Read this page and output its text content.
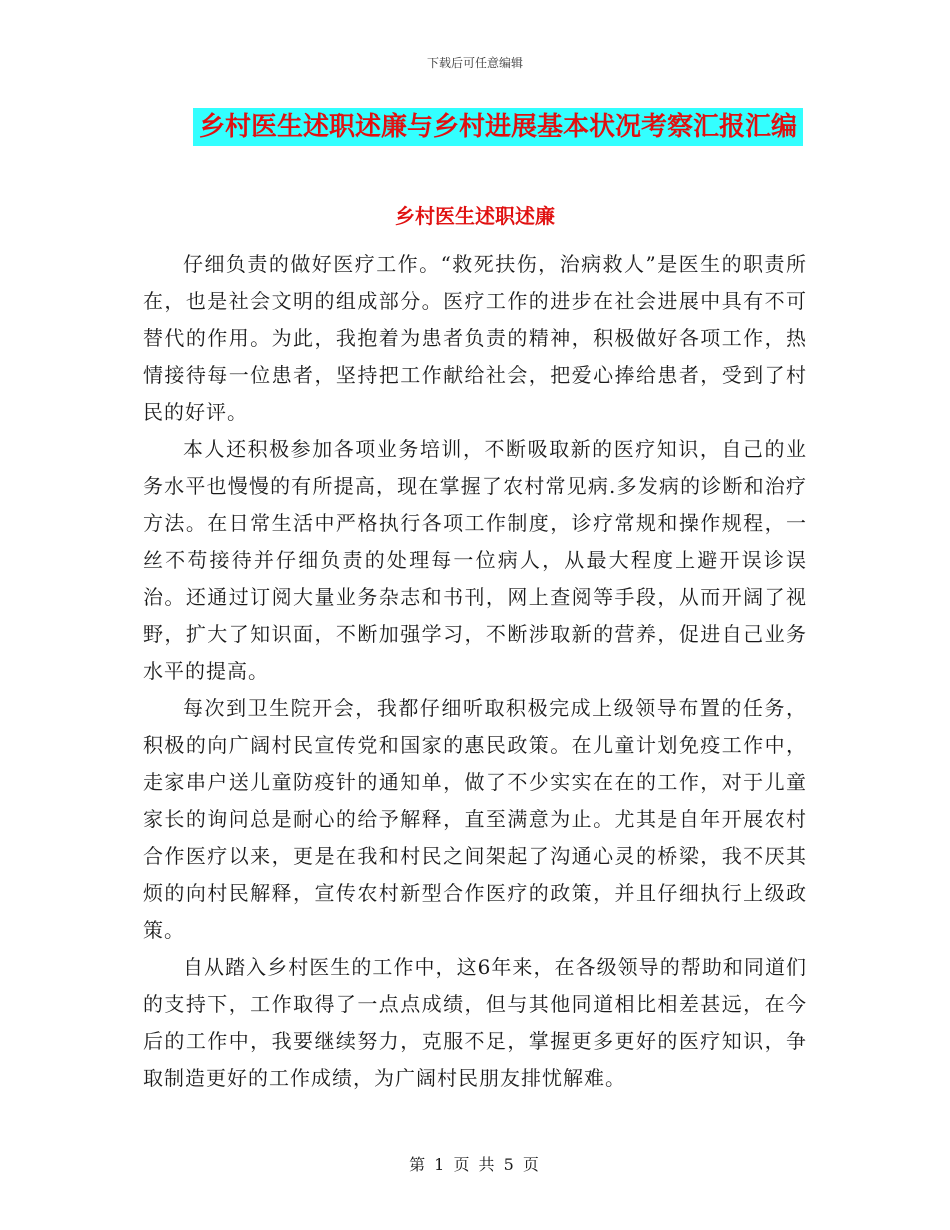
下载后可任意编辑
乡村医生述职述廉与乡村进展基本状况考察汇报汇编
乡村医生述职述廉

仔细负责的做好医疗工作。“救死扶伤，治病救人”是医生的职责所在，也是社会文明的组成部分。医疗工作的进步在社会进展中具有不可替代的作用。为此，我抱着为患者负责的精神，积极做好各项工作，热情接待每一位患者，坚持把工作献给社会，把爱心捧给患者，受到了村民的好评。

本人还积极参加各项业务培训，不断吸取新的医疗知识，自己的业务水平也慢慢的有所提高，现在掌握了农村常见病.多发病的诊断和治疗方法。在日常生活中严格执行各项工作制度，诊疗常规和操作规程，一丝不苟接待并仔细负责的处理每一位病人，从最大程度上避开误诊误治。还通过订阅大量业务杂志和书刊，网上查阅等手段，从而开阔了视野，扩大了知识面，不断加强学习，不断涉取新的营养，促进自己业务水平的提高。

每次到卫生院开会，我都仔细听取积极完成上级领导布置的任务，积极的向广阔村民宣传党和国家的惠民政策。在儿童计划免疫工作中，走家串户送儿童防疫针的通知单，做了不少实实在在的工作，对于儿童家长的询问总是耐心的给予解释，直至满意为止。尤其是自年开展农村合作医疗以来，更是在我和村民之间架起了沟通心灵的桥梁，我不厌其烦的向村民解释，宣传农村新型合作医疗的政策，并且仔细执行上级政策。

自从踏入乡村医生的工作中，这6年来，在各级领导的帮助和同道们的支持下，工作取得了一点点成绩，但与其他同道相比相差甚远，在今后的工作中，我要继续努力，克服不足，掌握更多更好的医疗知识，争取制造更好的工作成绩，为广阔村民朋友排忧解难。

第 1 页 共 5 页
